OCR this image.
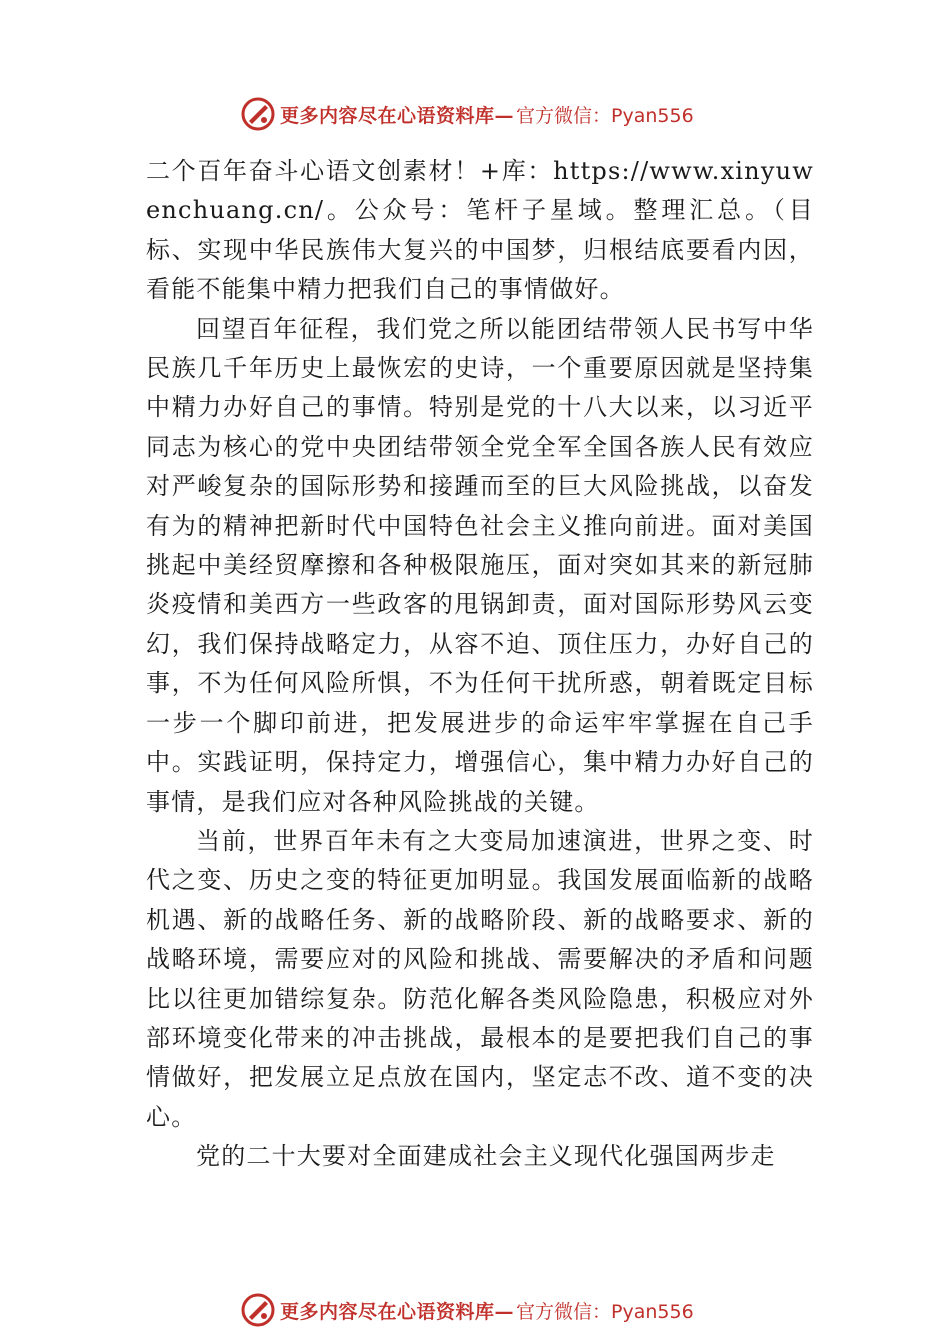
更多内容尽在心语资料库— 官方微信：Pyan556

二个百年奋斗心语文创素材！+库：https://www.xinyuwenchuang.cn/。公众号：笔杆子星域。整理汇总。（目标、实现中华民族伟大复兴的中国梦，归根结底要看内因，看能不能集中精力把我们自己的事情做好。

回望百年征程，我们党之所以能团结带领人民书写中华民族几千年历史上最恢宏的史诗，一个重要原因就是坚持集中精力办好自己的事情。特别是党的十八大以来，以习近平同志为核心的党中央团结带领全党全军全国各族人民有效应对严峻复杂的国际形势和接踵而至的巨大风险挑战，以奋发有为的精神把新时代中国特色社会主义推向前进。面对美国挑起中美经贸摩擦和各种极限施压，面对突如其来的新冠肺炎疫情和美西方一些政客的甩锅卸责，面对国际形势风云变幻，我们保持战略定力，从容不迫、顶住压力，办好自己的事，不为任何风险所惧，不为任何干扰所惑，朝着既定目标一步一个脚印前进，把发展进步的命运牢牢掌握在自己手中。实践证明，保持定力，增强信心，集中精力办好自己的事情，是我们应对各种风险挑战的关键。

当前，世界百年未有之大变局加速演进，世界之变、时代之变、历史之变的特征更加明显。我国发展面临新的战略机遇、新的战略任务、新的战略阶段、新的战略要求、新的战略环境，需要应对的风险和挑战、需要解决的矛盾和问题比以往更加错综复杂。防范化解各类风险隐患，积极应对外部环境变化带来的冲击挑战，最根本的是要把我们自己的事情做好，把发展立足点放在国内，坚定志不改、道不变的决心。

党的二十大要对全面建成社会主义现代化强国两步走

更多内容尽在心语资料库— 官方微信：Pyan556
